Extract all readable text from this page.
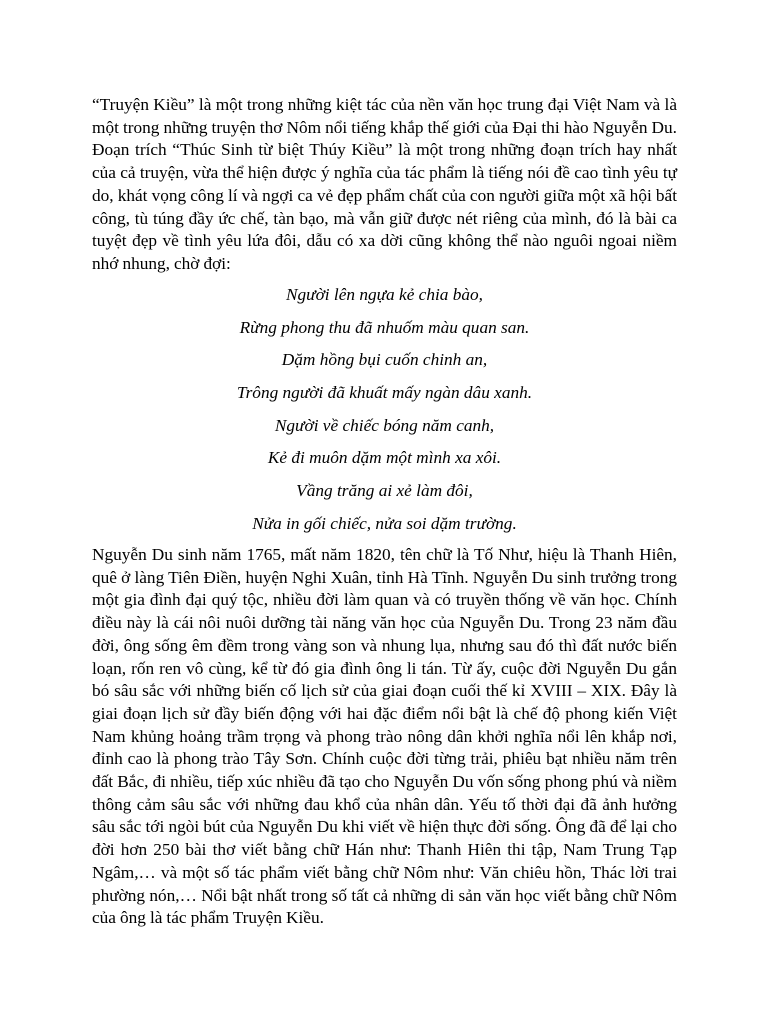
“Truyện Kiều” là một trong những kiệt tác của nền văn học trung đại Việt Nam và là một trong những truyện thơ Nôm nổi tiếng khắp thế giới của Đại thi hào Nguyễn Du. Đoạn trích “Thúc Sinh từ biệt Thúy Kiều” là một trong những đoạn trích hay nhất của cả truyện, vừa thể hiện được ý nghĩa của tác phẩm là tiếng nói đề cao tình yêu tự do, khát vọng công lí và ngợi ca vẻ đẹp phẩm chất của con người giữa một xã hội bất công, tù túng đầy ức chế, tàn bạo, mà vẫn giữ được nét riêng của mình, đó là bài ca tuyệt đẹp về tình yêu lứa đôi, dẫu có xa dời cũng không thể nào nguôi ngoai niềm nhớ nhung, chờ đợi:

Người lên ngựa kẻ chia bào,
Rừng phong thu đã nhuốm màu quan san.
Dặm hồng bụi cuốn chinh an,
Trông người đã khuất mấy ngàn dâu xanh.
Người về chiếc bóng năm canh,
Kẻ đi muôn dặm một mình xa xôi.
Vầng trăng ai xẻ làm đôi,
Nửa in gối chiếc, nửa soi dặm trường.

Nguyễn Du sinh năm 1765, mất năm 1820, tên chữ là Tố Như, hiệu là Thanh Hiên, quê ở làng Tiên Điền, huyện Nghi Xuân, tỉnh Hà Tĩnh. Nguyễn Du sinh trưởng trong một gia đình đại quý tộc, nhiều đời làm quan và có truyền thống về văn học. Chính điều này là cái nôi nuôi dưỡng tài năng văn học của Nguyễn Du. Trong 23 năm đầu đời, ông sống êm đềm trong vàng son và nhung lụa, nhưng sau đó thì đất nước biến loạn, rốn ren vô cùng, kể từ đó gia đình ông li tán. Từ ấy, cuộc đời Nguyễn Du gắn bó sâu sắc với những biến cố lịch sử của giai đoạn cuối thế kỉ XVIII – XIX. Đây là giai đoạn lịch sử đầy biến động với hai đặc điểm nổi bật là chế độ phong kiến Việt Nam khủng hoảng trầm trọng và phong trào nông dân khởi nghĩa nổi lên khắp nơi, đỉnh cao là phong trào Tây Sơn. Chính cuộc đời từng trải, phiêu bạt nhiều năm trên đất Bắc, đi nhiều, tiếp xúc nhiều đã tạo cho Nguyễn Du vốn sống phong phú và niềm thông cảm sâu sắc với những đau khổ của nhân dân. Yếu tố thời đại đã ảnh hưởng sâu sắc tới ngòi bút của Nguyễn Du khi viết về hiện thực đời sống. Ông đã để lại cho đời hơn 250 bài thơ viết bằng chữ Hán như: Thanh Hiên thi tập, Nam Trung Tạp Ngâm,… và một số tác phẩm viết bằng chữ Nôm như: Văn chiêu hồn, Thác lời trai phường nón,… Nổi bật nhất trong số tất cả những di sản văn học viết bằng chữ Nôm của ông là tác phẩm Truyện Kiều.
